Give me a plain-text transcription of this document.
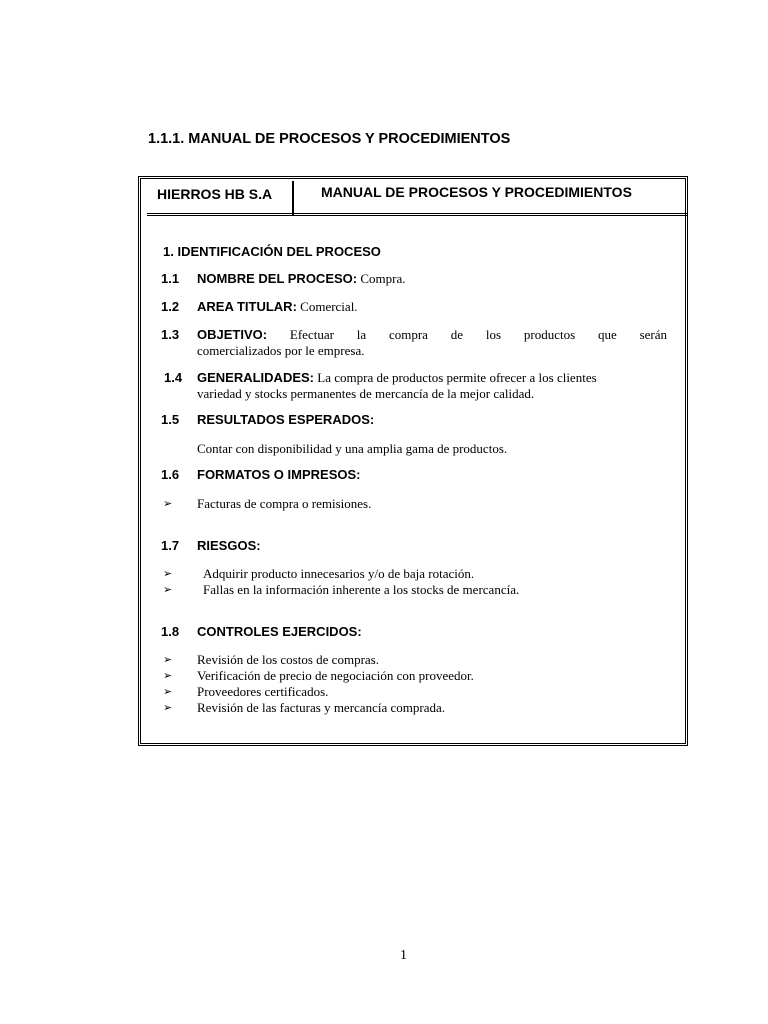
1.1.1. MANUAL DE PROCESOS Y PROCEDIMIENTOS
HIERROS HB S.A	MANUAL DE PROCESOS Y PROCEDIMIENTOS
1. IDENTIFICACIÓN DEL PROCESO
1.1 NOMBRE DEL PROCESO: Compra.
1.2 AREA TITULAR: Comercial.
1.3 OBJETIVO: Efectuar la compra de los productos que serán
comercializados por le empresa.
1.4 GENERALIDADES: La compra de productos permite ofrecer a los clientes
variedad y stocks permanentes de mercancía de la mejor calidad.
1.5 RESULTADOS ESPERADOS:
Contar con disponibilidad y una amplia gama de productos.
1.6 FORMATOS O IMPRESOS:
➢ Facturas de compra o remisiones.
1.7 RIESGOS:
➢ Adquirir producto innecesarios y/o de baja rotación.
➢ Fallas en la información inherente a los stocks de mercancía.
1.8 CONTROLES EJERCIDOS:
➢ Revisión de los costos de compras.
➢ Verificación de precio de negociación con proveedor.
➢ Proveedores certificados.
➢ Revisión de las facturas y mercancía comprada.
1
